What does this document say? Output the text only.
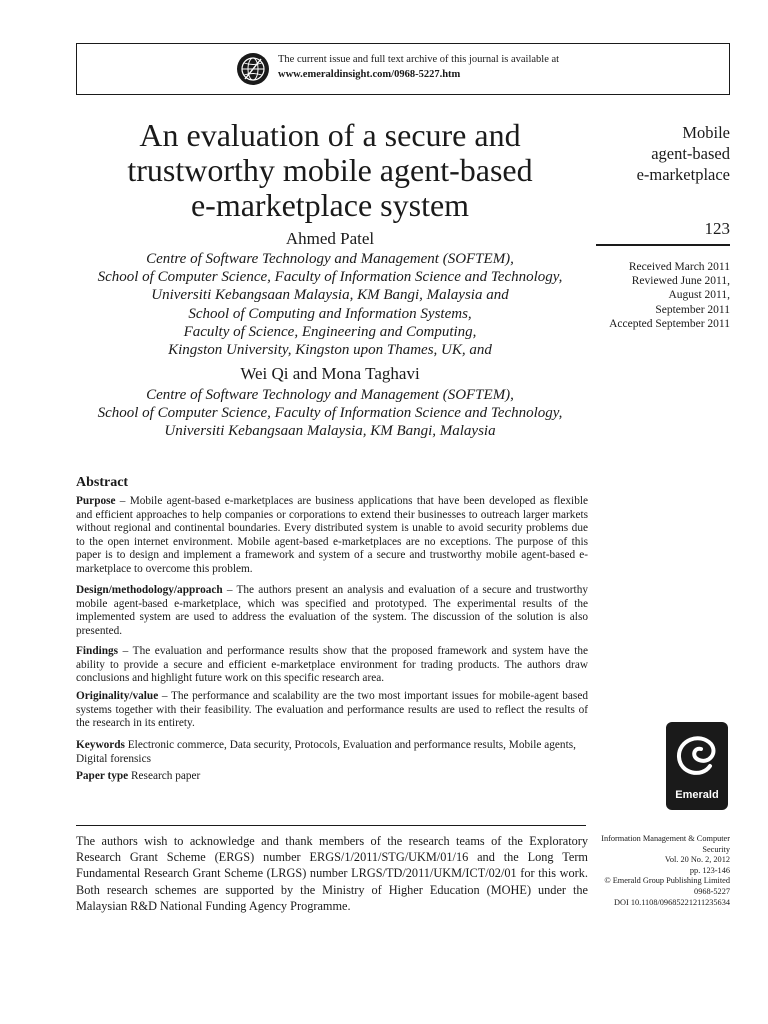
The current issue and full text archive of this journal is available at
www.emeraldinsight.com/0968-5227.htm
An evaluation of a secure and
trustworthy mobile agent-based
e-marketplace system
Ahmed Patel
Centre of Software Technology and Management (SOFTEM),
School of Computer Science, Faculty of Information Science and Technology,
Universiti Kebangsaan Malaysia, KM Bangi, Malaysia and
School of Computing and Information Systems,
Faculty of Science, Engineering and Computing,
Kingston University, Kingston upon Thames, UK, and
Wei Qi and Mona Taghavi
Centre of Software Technology and Management (SOFTEM),
School of Computer Science, Faculty of Information Science and Technology,
Universiti Kebangsaan Malaysia, KM Bangi, Malaysia
Mobile
agent-based
e-marketplace
123
Received March 2011
Reviewed June 2011,
August 2011,
September 2011
Accepted September 2011
Abstract
Purpose – Mobile agent-based e-marketplaces are business applications that have been developed as flexible and efficient approaches to help companies or corporations to extend their businesses to outreach larger markets without regional and continental boundaries. Every distributed system is unable to avoid security problems due to the open internet environment. Mobile agent-based e-marketplaces are no exceptions. The purpose of this paper is to design and implement a framework and system of a secure and trustworthy mobile agent-based e-marketplace to overcome this problem.
Design/methodology/approach – The authors present an analysis and evaluation of a secure and trustworthy mobile agent-based e-marketplace, which was specified and prototyped. The experimental results of the implemented system are used to address the evaluation of the system. The discussion of the solution is also presented.
Findings – The evaluation and performance results show that the proposed framework and system have the ability to provide a secure and efficient e-marketplace environment for trading products. The authors draw conclusions and highlight future work on this specific research area.
Originality/value – The performance and scalability are the two most important issues for mobile-agent based systems together with their feasibility. The evaluation and performance results are used to reflect the results of the research in its entirety.
Keywords Electronic commerce, Data security, Protocols, Evaluation and performance results, Mobile agents, Digital forensics
Paper type Research paper
Emerald
The authors wish to acknowledge and thank members of the research teams of the Exploratory Research Grant Scheme (ERGS) number ERGS/1/2011/STG/UKM/01/16 and the Long Term Fundamental Research Grant Scheme (LRGS) number LRGS/TD/2011/UKM/ICT/02/01 for this work. Both research schemes are supported by the Ministry of Higher Education (MOHE) under the Malaysian R&D National Funding Agency Programme.
Information Management & Computer
Security
Vol. 20 No. 2, 2012
pp. 123-146
© Emerald Group Publishing Limited
0968-5227
DOI 10.1108/09685221211235634
